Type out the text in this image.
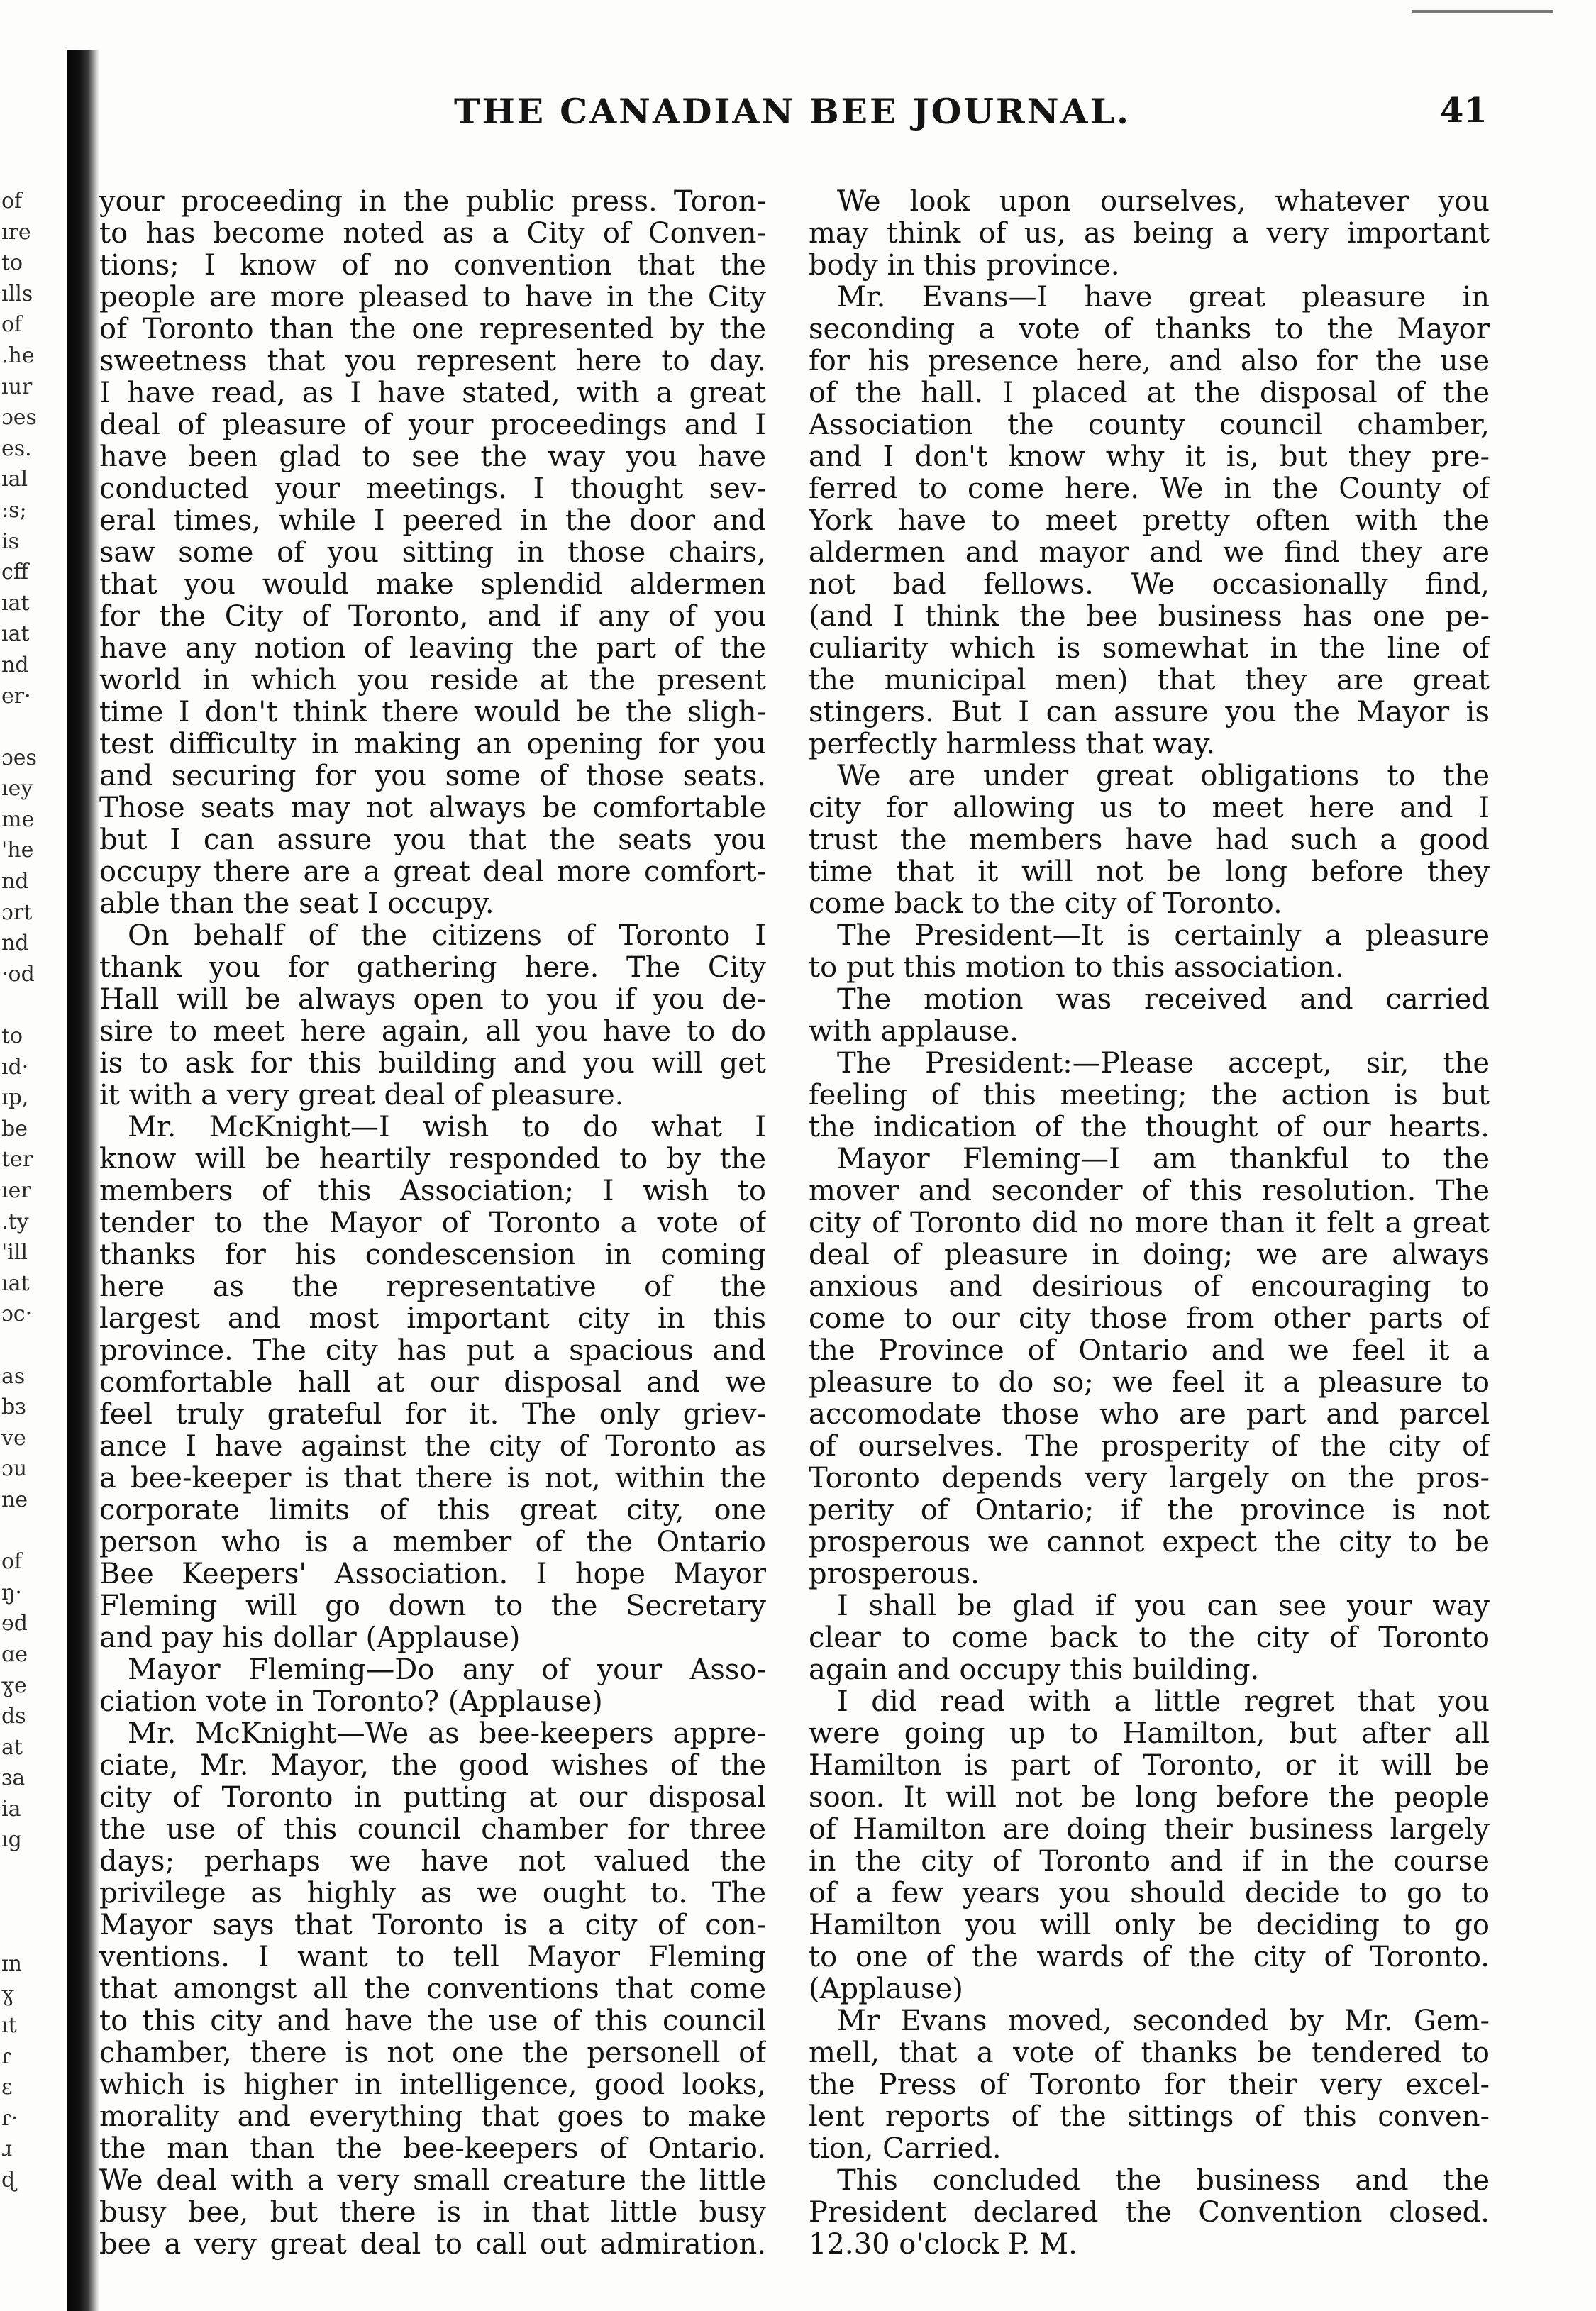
THE CANADIAN BEE JOURNAL.	41
of
ıre
to
ılls
of
.he
ıur
ɔes
es.
ıal
ːs;
is
cff
ıat
ıat
nd
er·
ɔes
ıey
me
'he
nd
ɔrt
nd
·od
to
ıd·
ɪp,
be
ter
ıer
.ty
'ill
ıat
ɔc·
as
bɜ
ve
ɔu
ne
of
ŋ·
ɘd
ɑe
ɣe
ds
at
ɜa
ia
ıg
ɪn
ɣ
ıt
ɾ
ɛ
ɾ·
ɹ
ɖ
your proceeding in the public press. Toron-
to has become noted as a City of Conven-
tions; I know of no convention that the
people are more pleased to have in the City
of Toronto than the one represented by the
sweetness that you represent here to day.
I have read, as I have stated, with a great
deal of pleasure of your proceedings and I
have been glad to see the way you have
conducted your meetings. I thought sev-
eral times, while I peered in the door and
saw some of you sitting in those chairs,
that you would make splendid aldermen
for the City of Toronto, and if any of you
have any notion of leaving the part of the
world in which you reside at the present
time I don't think there would be the sligh-
test difficulty in making an opening for you
and securing for you some of those seats.
Those seats may not always be comfortable
but I can assure you that the seats you
occupy there are a great deal more comfort-
able than the seat I occupy.
On behalf of the citizens of Toronto I
thank you for gathering here. The City
Hall will be always open to you if you de-
sire to meet here again, all you have to do
is to ask for this building and you will get
it with a very great deal of pleasure.
Mr. McKnight—I wish to do what I
know will be heartily responded to by the
members of this Association; I wish to
tender to the Mayor of Toronto a vote of
thanks for his condescension in coming
here as the representative of the
largest and most important city in this
province. The city has put a spacious and
comfortable hall at our disposal and we
feel truly grateful for it. The only griev-
ance I have against the city of Toronto as
a bee-keeper is that there is not, within the
corporate limits of this great city, one
person who is a member of the Ontario
Bee Keepers' Association. I hope Mayor
Fleming will go down to the Secretary
and pay his dollar (Applause)
Mayor Fleming—Do any of your Asso-
ciation vote in Toronto? (Applause)
Mr. McKnight—We as bee-keepers appre-
ciate, Mr. Mayor, the good wishes of the
city of Toronto in putting at our disposal
the use of this council chamber for three
days; perhaps we have not valued the
privilege as highly as we ought to. The
Mayor says that Toronto is a city of con-
ventions. I want to tell Mayor Fleming
that amongst all the conventions that come
to this city and have the use of this council
chamber, there is not one the personell of
which is higher in intelligence, good looks,
morality and everything that goes to make
the man than the bee-keepers of Ontario.
We deal with a very small creature the little
busy bee, but there is in that little busy
bee a very great deal to call out admiration.
We look upon ourselves, whatever you
may think of us, as being a very important
body in this province.
Mr. Evans—I have great pleasure in
seconding a vote of thanks to the Mayor
for his presence here, and also for the use
of the hall. I placed at the disposal of the
Association the county council chamber,
and I don't know why it is, but they pre-
ferred to come here. We in the County of
York have to meet pretty often with the
aldermen and mayor and we find they are
not bad fellows. We occasionally find,
(and I think the bee business has one pe-
culiarity which is somewhat in the line of
the municipal men) that they are great
stingers. But I can assure you the Mayor is
perfectly harmless that way.
We are under great obligations to the
city for allowing us to meet here and I
trust the members have had such a good
time that it will not be long before they
come back to the city of Toronto.
The President—It is certainly a pleasure
to put this motion to this association.
The motion was received and carried
with applause.
The President:—Please accept, sir, the
feeling of this meeting; the action is but
the indication of the thought of our hearts.
Mayor Fleming—I am thankful to the
mover and seconder of this resolution. The
city of Toronto did no more than it felt a great
deal of pleasure in doing; we are always
anxious and desirious of encouraging to
come to our city those from other parts of
the Province of Ontario and we feel it a
pleasure to do so; we feel it a pleasure to
accomodate those who are part and parcel
of ourselves. The prosperity of the city of
Toronto depends very largely on the pros-
perity of Ontario; if the province is not
prosperous we cannot expect the city to be
prosperous.
I shall be glad if you can see your way
clear to come back to the city of Toronto
again and occupy this building.
I did read with a little regret that you
were going up to Hamilton, but after all
Hamilton is part of Toronto, or it will be
soon. It will not be long before the people
of Hamilton are doing their business largely
in the city of Toronto and if in the course
of a few years you should decide to go to
Hamilton you will only be deciding to go
to one of the wards of the city of Toronto.
(Applause)
Mr Evans moved, seconded by Mr. Gem-
mell, that a vote of thanks be tendered to
the Press of Toronto for their very excel-
lent reports of the sittings of this conven-
tion, Carried.
This concluded the business and the
President declared the Convention closed.
12.30 o'clock P. M.
